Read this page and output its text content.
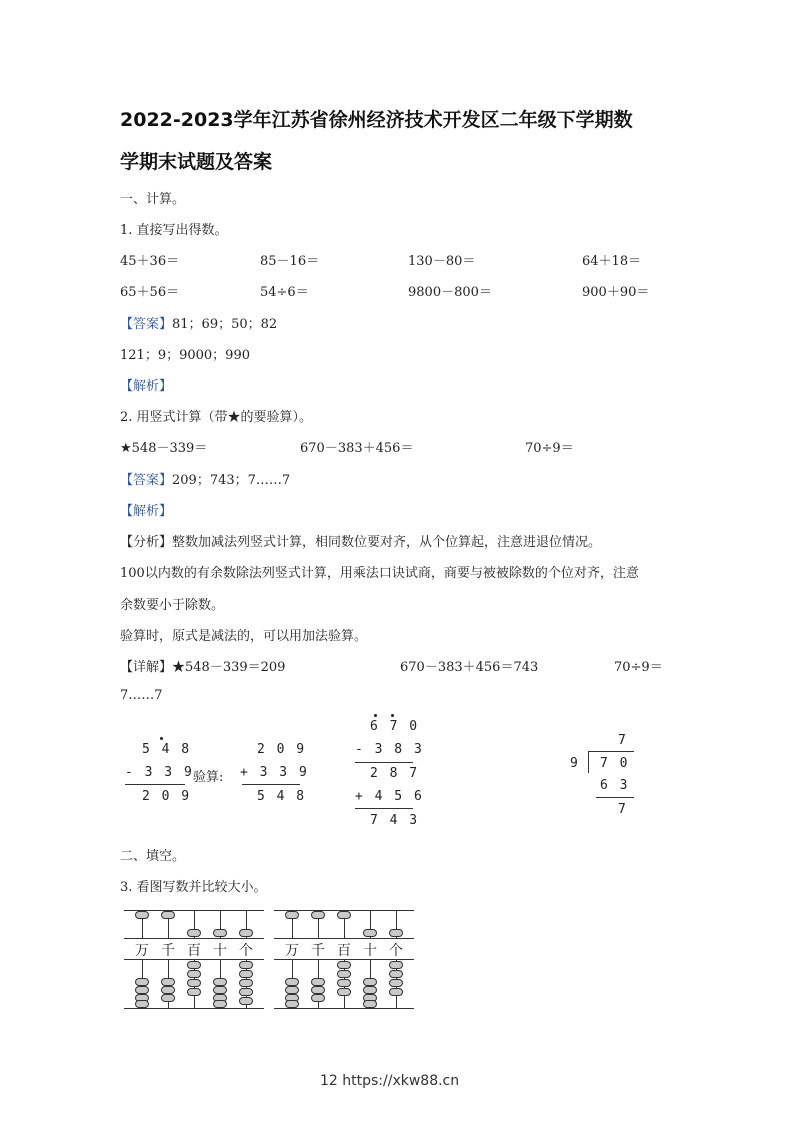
2022-2023学年江苏省徐州经济技术开发区二年级下学期数
学期末试题及答案
一、计算。
1. 直接写出得数。
45＋36＝	85－16＝	130－80＝	64＋18＝
65＋56＝	54÷6＝	9800－800＝	900＋90＝
【答案】81；69；50；82
121；9；9000；990
【解析】
2. 用竖式计算（带★的要验算）。
★548－339＝	670－383＋456＝	70÷9＝
【答案】209；743；7……7
【解析】
【分析】整数加减法列竖式计算，相同数位要对齐，从个位算起，注意进退位情况。
100以内数的有余数除法列竖式计算，用乘法口诀试商，商要与被被除数的个位对齐，注意
余数要小于除数。
验算时，原式是减法的，可以用加法验算。
【详解】★548－339＝209	670－383＋456＝743	70÷9＝
7……7
5 4 8
- 3 3 9
2 0 9
验算:
2 0 9
+ 3 3 9
5 4 8
6 7 0
- 3 8 3
2 8 7
+ 4 5 6
7 4 3
7
9 7 0
6 3
7
二、填空。
3. 看图写数并比较大小。
万 千 百 十 个 万 千 百 十 个
12 https://xkw88.cn
